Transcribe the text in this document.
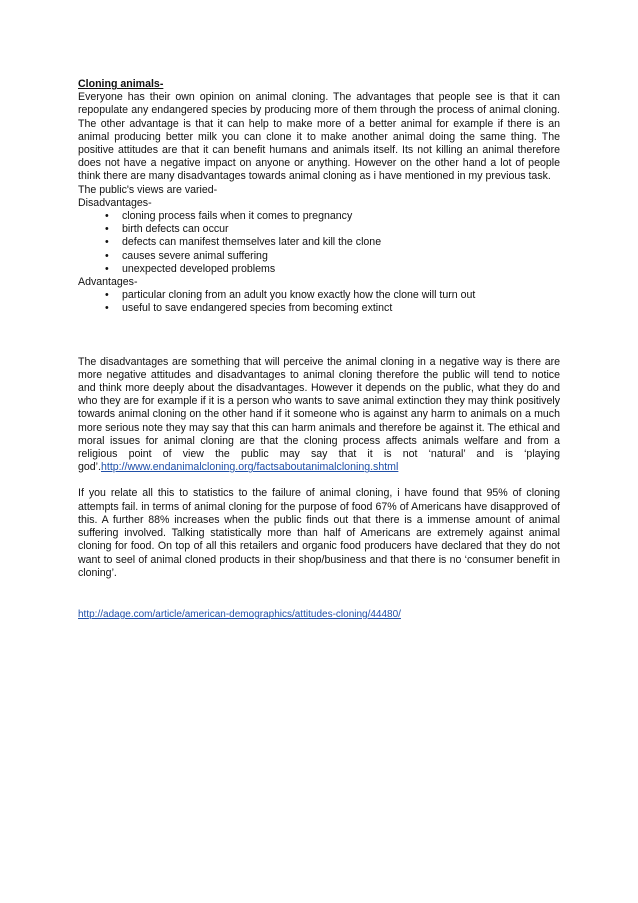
Cloning animals-

Everyone has their own opinion on animal cloning. The advantages that people see is that it can repopulate any endangered species by producing more of them through the process of animal cloning. The other advantage is that it can help to make more of a better animal for example if there is an animal producing better milk you can clone it to make another animal doing the same thing. The positive attitudes are that it can benefit humans and animals itself. Its not killing an animal therefore does not have a negative impact on anyone or anything. However on the other hand a lot of people think there are many disadvantages towards animal cloning as i have mentioned in my previous task.

The public's views are varied-

Disadvantages-

• cloning process fails when it comes to pregnancy
• birth defects can occur
• defects can manifest themselves later and kill the clone
• causes severe animal suffering
• unexpected developed problems

Advantages-

• particular cloning from an adult you know exactly how the clone will turn out
• useful to save endangered species from becoming extinct

The disadvantages are something that will perceive the animal cloning in a negative way is there are more negative attitudes and disadvantages to animal cloning therefore the public will tend to notice and think more deeply about the disadvantages. However it depends on the public, what they do and who they are for example if it is a person who wants to save animal extinction they may think positively towards animal cloning on the other hand if it someone who is against any harm to animals on a much more serious note they may say that this can harm animals and therefore be against it. The ethical and moral issues for animal cloning are that the cloning process affects animals welfare and from a religious point of view the public may say that it is not ‘natural’ and is ‘playing god’.http://www.endanimalcloning.org/factsaboutanimalcloning.shtml

If you relate all this to statistics to the failure of animal cloning, i have found that 95% of cloning attempts fail. in terms of animal cloning for the purpose of food 67% of Americans have disapproved of this. A further 88% increases when the public finds out that there is a immense amount of animal suffering involved. Talking statistically more than half of Americans are extremely against animal cloning for food. On top of all this retailers and organic food producers have declared that they do not want to seel of animal cloned products in their shop/business and that there is no ‘consumer benefit in cloning’.

http://adage.com/article/american-demographics/attitudes-cloning/44480/
